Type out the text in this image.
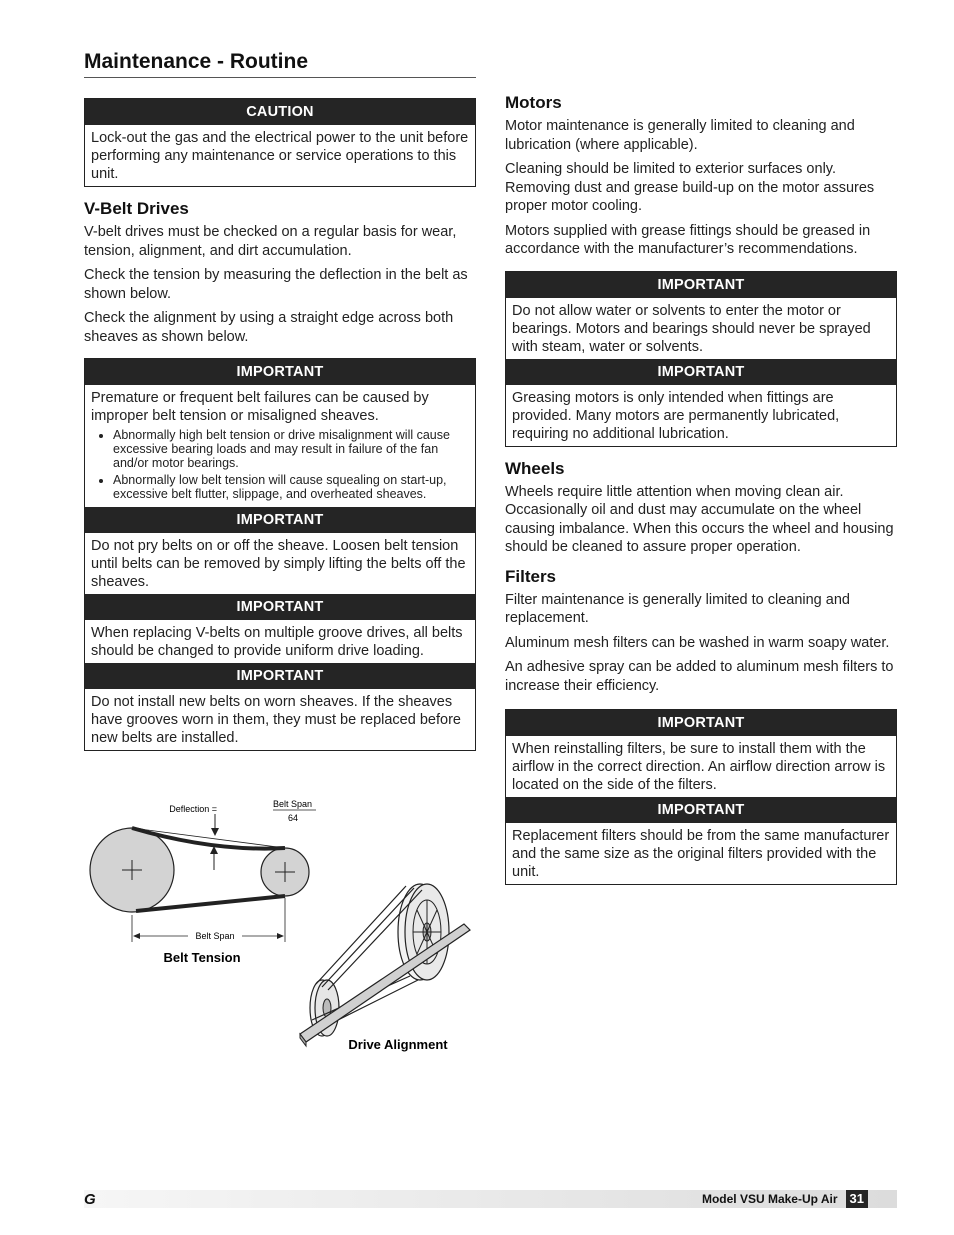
Maintenance - Routine
CAUTION
Lock-out the gas and the electrical power to the unit before performing any maintenance or service operations to this unit.
V-Belt Drives

V-belt drives must be checked on a regular basis for wear, tension, alignment, and dirt accumulation.

Check the tension by measuring the deflection in the belt as shown below.

Check the alignment by using a straight edge across both sheaves as shown below.

IMPORTANT
Premature or frequent belt failures can be caused by improper belt tension or misaligned sheaves.
• Abnormally high belt tension or drive misalignment will cause excessive bearing loads and may result in failure of the fan and/or motor bearings.
• Abnormally low belt tension will cause squealing on start-up, excessive belt flutter, slippage, and overheated sheaves.
IMPORTANT
Do not pry belts on or off the sheave. Loosen belt tension until belts can be removed by simply lifting the belts off the sheaves.
IMPORTANT
When replacing V-belts on multiple groove drives, all belts should be changed to provide uniform drive loading.
IMPORTANT
Do not install new belts on worn sheaves. If the sheaves have grooves worn in them, they must be replaced before new belts are installed.
Deflection =	Belt Span
64
Belt Span
Belt Tension
Drive Alignment
Motors

Motor maintenance is generally limited to cleaning and lubrication (where applicable).

Cleaning should be limited to exterior surfaces only. Removing dust and grease build-up on the motor assures proper motor cooling.

Motors supplied with grease fittings should be greased in accordance with the manufacturer’s recommendations.

IMPORTANT
Do not allow water or solvents to enter the motor or bearings. Motors and bearings should never be sprayed with steam, water or solvents.
IMPORTANT
Greasing motors is only intended when fittings are provided. Many motors are permanently lubricated, requiring no additional lubrication.
Wheels

Wheels require little attention when moving clean air. Occasionally oil and dust may accumulate on the wheel causing imbalance. When this occurs the wheel and housing should be cleaned to assure proper operation.

Filters

Filter maintenance is generally limited to cleaning and replacement.

Aluminum mesh filters can be washed in warm soapy water.

An adhesive spray can be added to aluminum mesh filters to increase their efficiency.

IMPORTANT
When reinstalling filters, be sure to install them with the airflow in the correct direction. An airflow direction arrow is located on the side of the filters.
IMPORTANT
Replacement filters should be from the same manufacturer and the same size as the original filters provided with the unit.
G	Model VSU Make-Up Air 31
